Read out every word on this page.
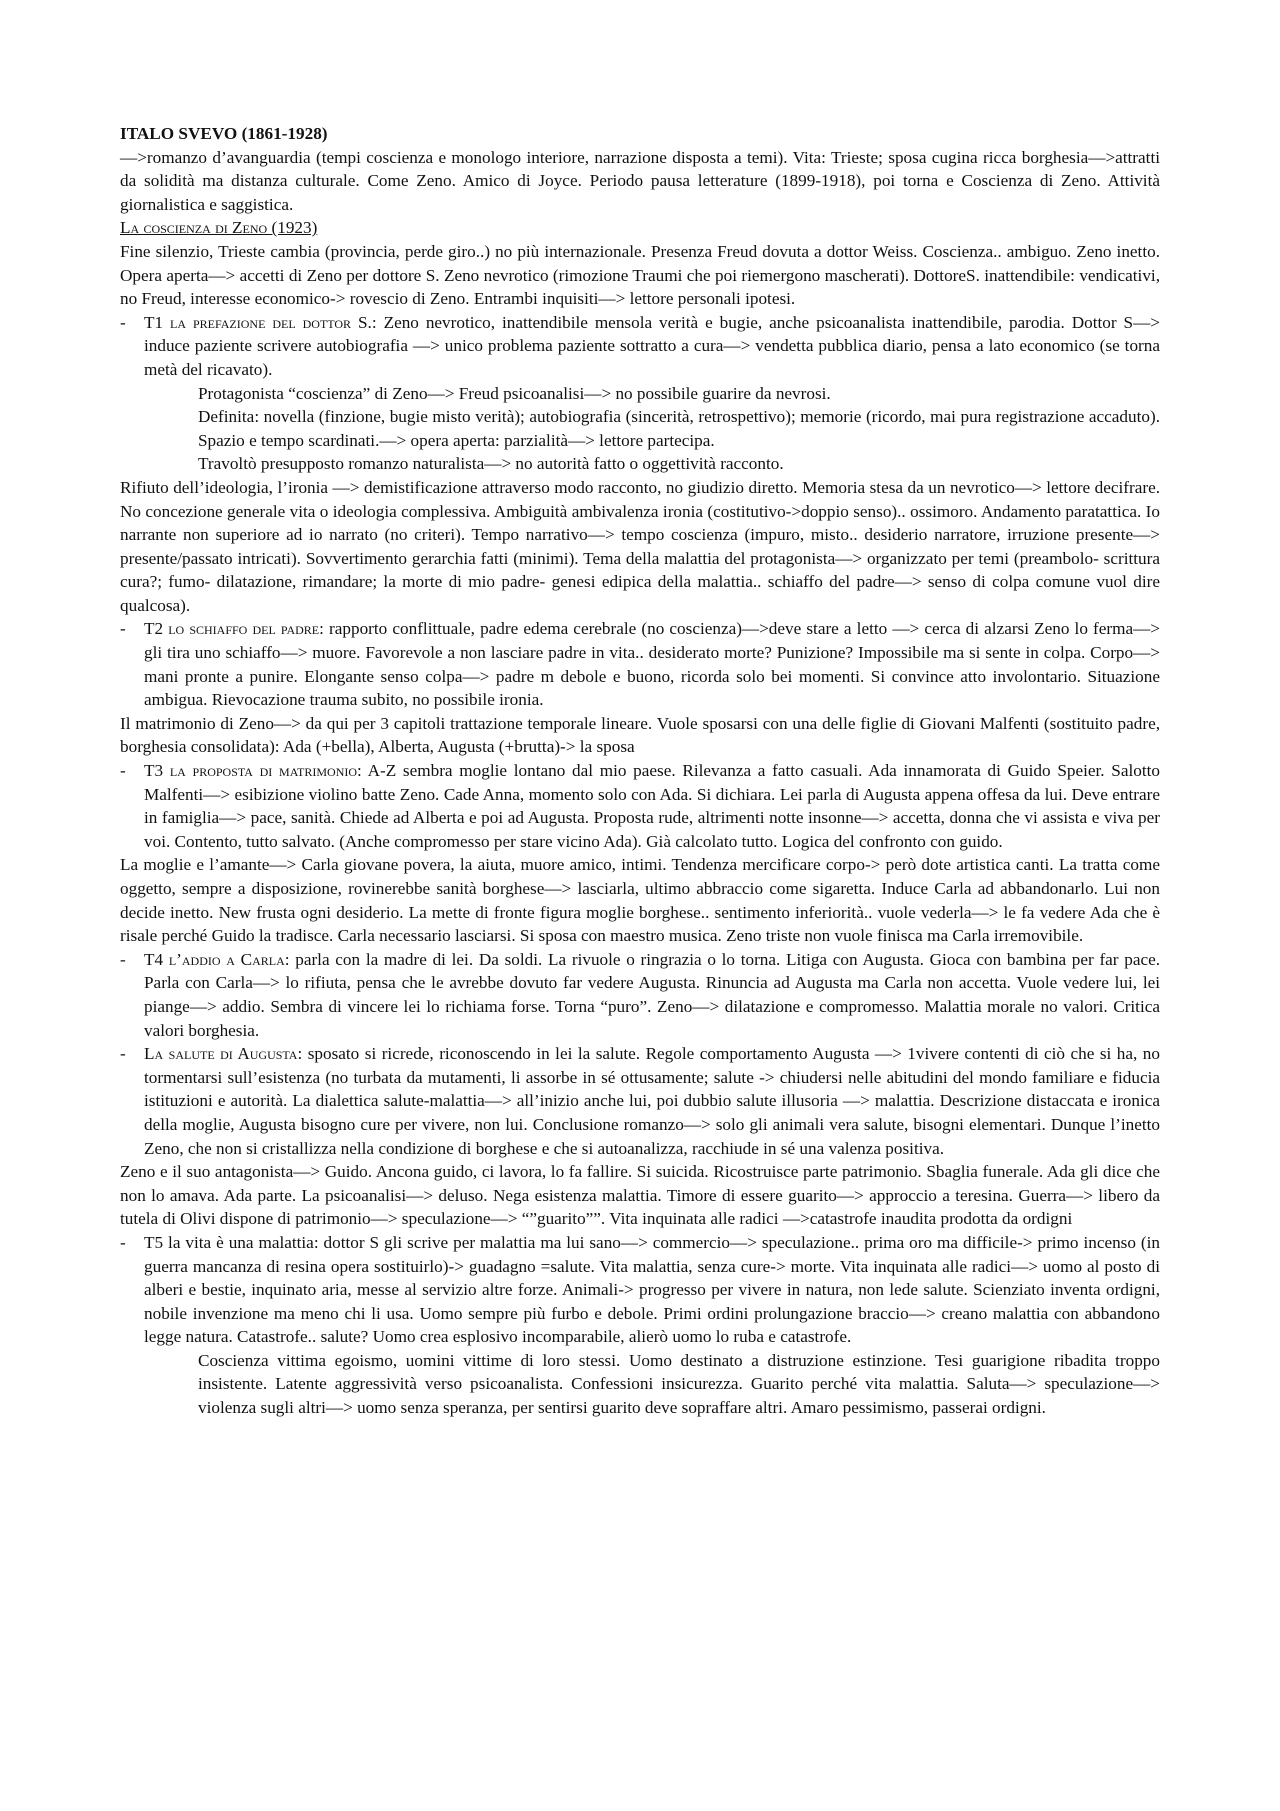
ITALO SVEVO (1861-1928)

—>romanzo d’avanguardia (tempi coscienza e monologo interiore, narrazione disposta a temi). Vita: Trieste; sposa cugina ricca borghesia—>attratti da solidità ma distanza culturale. Come Zeno. Amico di Joyce. Periodo pausa letterature (1899-1918), poi torna e Coscienza di Zeno. Attività giornalistica e saggistica.

La coscienza di Zeno (1923)

Fine silenzio, Trieste cambia (provincia, perde giro..) no più internazionale. Presenza Freud dovuta a dottor Weiss. Coscienza.. ambiguo. Zeno inetto. Opera aperta—> accetti di Zeno per dottore S. Zeno nevrotico (rimozione Traumi che poi riemergono mascherati). DottoreS. inattendibile: vendicativi, no Freud, interesse economico-> rovescio di Zeno. Entrambi inquisiti—> lettore personali ipotesi.

- T1 la prefazione del dottor S.: Zeno nevrotico, inattendibile mensola verità e bugie, anche psicoanalista inattendibile, parodia. Dottor S—> induce paziente scrivere autobiografia —> unico problema paziente sottratto a cura—> vendetta pubblica diario, pensa a lato economico (se torna metà del ricavato).

Protagonista “coscienza” di Zeno—> Freud psicoanalisi—> no possibile guarire da nevrosi.

Definita: novella (finzione, bugie misto verità); autobiografia (sincerità, retrospettivo); memorie (ricordo, mai pura registrazione accaduto). Spazio e tempo scardinati.—> opera aperta: parzialità—> lettore partecipa.

Travoltò presupposto romanzo naturalista—> no autorità fatto o oggettività racconto.

Rifiuto dell’ideologia, l’ironia —> demistificazione attraverso modo racconto, no giudizio diretto. Memoria stesa da un nevrotico—> lettore decifrare. No concezione generale vita o ideologia complessiva. Ambiguità ambivalenza ironia (costitutivo->doppio senso).. ossimoro. Andamento paratattica. Io narrante non superiore ad io narrato (no criteri). Tempo narrativo—> tempo coscienza (impuro, misto.. desiderio narratore, irruzione presente—> presente/passato intricati). Sovvertimento gerarchia fatti (minimi). Tema della malattia del protagonista—> organizzato per temi (preambolo- scrittura cura?; fumo- dilatazione, rimandare; la morte di mio padre- genesi edipica della malattia.. schiaffo del padre—> senso di colpa comune vuol dire qualcosa).

- T2 lo schiaffo del padre: rapporto conflittuale, padre edema cerebrale (no coscienza)—>deve stare a letto —> cerca di alzarsi Zeno lo ferma—> gli tira uno schiaffo—> muore. Favorevole a non lasciare padre in vita.. desiderato morte? Punizione? Impossibile ma si sente in colpa. Corpo—> mani pronte a punire. Elongante senso colpa—> padre m debole e buono, ricorda solo bei momenti. Si convince atto involontario. Situazione ambigua. Rievocazione trauma subito, no possibile ironia.

Il matrimonio di Zeno—> da qui per 3 capitoli trattazione temporale lineare. Vuole sposarsi con una delle figlie di Giovani Malfenti (sostituito padre, borghesia consolidata): Ada (+bella), Alberta, Augusta (+brutta)-> la sposa

- T3 la proposta di matrimonio: A-Z sembra moglie lontano dal mio paese. Rilevanza a fatto casuali. Ada innamorata di Guido Speier. Salotto Malfenti—> esibizione violino batte Zeno. Cade Anna, momento solo con Ada. Si dichiara. Lei parla di Augusta appena offesa da lui. Deve entrare in famiglia—> pace, sanità. Chiede ad Alberta e poi ad Augusta. Proposta rude, altrimenti notte insonne—> accetta, donna che vi assista e viva per voi. Contento, tutto salvato. (Anche compromesso per stare vicino Ada). Già calcolato tutto. Logica del confronto con guido.

La moglie e l’amante—> Carla giovane povera, la aiuta, muore amico, intimi. Tendenza mercificare corpo-> però dote artistica canti. La tratta come oggetto, sempre a disposizione, rovinerebbe sanità borghese—> lasciarla, ultimo abbraccio come sigaretta. Induce Carla ad abbandonarlo. Lui non decide inetto. New frusta ogni desiderio. La mette di fronte figura moglie borghese.. sentimento inferiorità.. vuole vederla—> le fa vedere Ada che è risale perché Guido la tradisce. Carla necessario lasciarsi. Si sposa con maestro musica. Zeno triste non vuole finisca ma Carla irremovibile.

- T4 l’addio a Carla: parla con la madre di lei. Da soldi. La rivuole o ringrazia o lo torna. Litiga con Augusta. Gioca con bambina per far pace. Parla con Carla—> lo rifiuta, pensa che le avrebbe dovuto far vedere Augusta. Rinuncia ad Augusta ma Carla non accetta. Vuole vedere lui, lei piange—> addio. Sembra di vincere lei lo richiama forse. Torna “puro”. Zeno—> dilatazione e compromesso. Malattia morale no valori. Critica valori borghesia.
- La salute di Augusta: sposato si ricrede, riconoscendo in lei la salute. Regole comportamento Augusta —> 1vivere contenti di ciò che si ha, no tormentarsi sull’esistenza (no turbata da mutamenti, li assorbe in sé ottusamente; salute -> chiudersi nelle abitudini del mondo familiare e fiducia istituzioni e autorità. La dialettica salute-malattia—> all’inizio anche lui, poi dubbio salute illusoria —> malattia. Descrizione distaccata e ironica della moglie, Augusta bisogno cure per vivere, non lui. Conclusione romanzo—> solo gli animali vera salute, bisogni elementari. Dunque l’inetto Zeno, che non si cristallizza nella condizione di borghese e che si autoanalizza, racchiude in sé una valenza positiva.

Zeno e il suo antagonista—> Guido. Ancona guido, ci lavora, lo fa fallire. Si suicida. Ricostruisce parte patrimonio. Sbaglia funerale. Ada gli dice che non lo amava. Ada parte. La psicoanalisi—> deluso. Nega esistenza malattia. Timore di essere guarito—> approccio a teresina. Guerra—> libero da tutela di Olivi dispone di patrimonio—> speculazione—> “”guarito””. Vita inquinata alle radici —>catastrofe inaudita prodotta da ordigni

- T5 la vita è una malattia: dottor S gli scrive per malattia ma lui sano—> commercio—> speculazione.. prima oro ma difficile-> primo incenso (in guerra mancanza di resina opera sostituirlo)-> guadagno =salute. Vita malattia, senza cure-> morte. Vita inquinata alle radici—> uomo al posto di alberi e bestie, inquinato aria, messe al servizio altre forze. Animali-> progresso per vivere in natura, non lede salute. Scienziato inventa ordigni, nobile invenzione ma meno chi li usa. Uomo sempre più furbo e debole. Primi ordini prolungazione braccio—> creano malattia con abbandono legge natura. Catastrofe.. salute? Uomo crea esplosivo incomparabile, alierò uomo lo ruba e catastrofe.

Coscienza vittima egoismo, uomini vittime di loro stessi. Uomo destinato a distruzione estinzione. Tesi guarigione ribadita troppo insistente. Latente aggressività verso psicoanalista. Confessioni insicurezza. Guarito perché vita malattia. Saluta—> speculazione—> violenza sugli altri—> uomo senza speranza, per sentirsi guarito deve sopraffare altri. Amaro pessimismo, passerai ordigni.
